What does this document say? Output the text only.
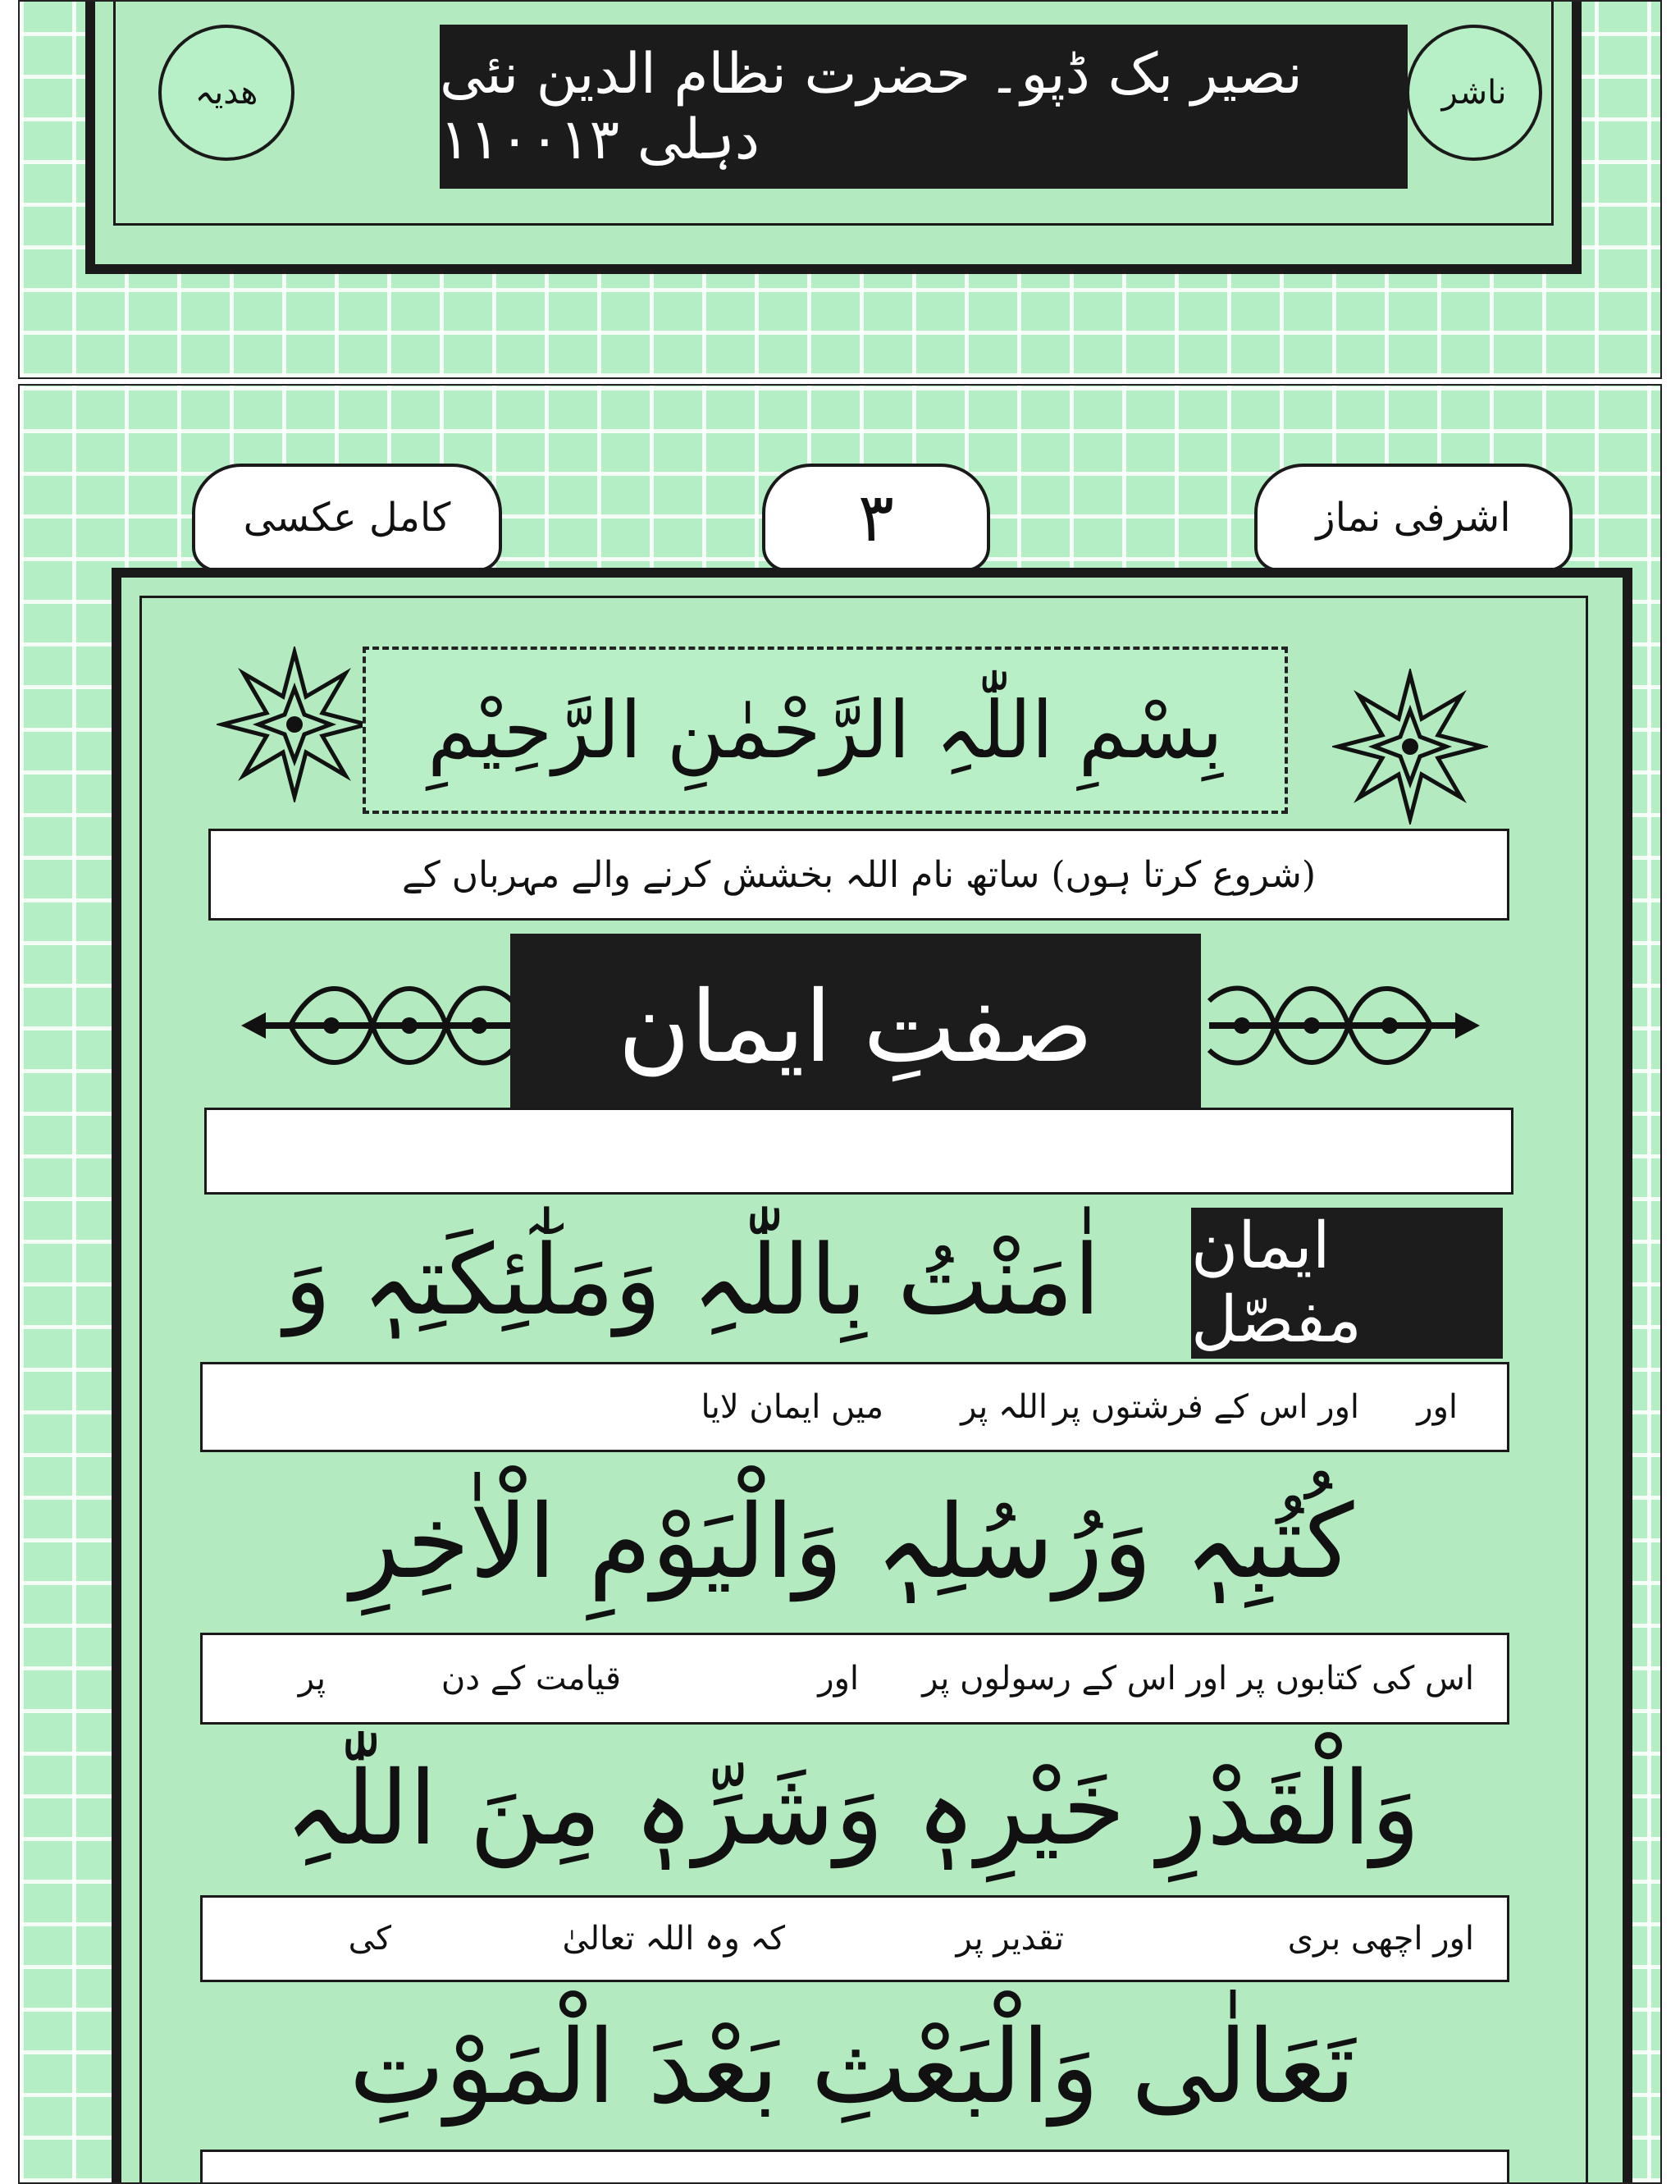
ناشر
ھدیہ	نصیر بک ڈپو۔ حضرت نظام الدین نئی دہلی ۱۱۰۰۱۳
کامل عکسی	۳	اشرفی نماز
بِسْمِ اللّٰہِ الرَّحْمٰنِ الرَّحِیْمِ
(شروع کرتا ہوں) ساتھ نام اللہ بخشش کرنے والے مہرباں کے
صفتِ ایمان
ایمان مفصّل
اٰمَنْتُ بِاللّٰہِ وَمَلٰٓئِکَتِہٖ وَ
میں ایمان لایا اللہ پر اور اس کے فرشتوں پر اور
کُتُبِہٖ وَرُسُلِہٖ وَالْیَوْمِ الْاٰخِرِ
اس کی کتابوں پر اور اس کے رسولوں پر
اور
قیامت کے دن
پر
وَالْقَدْرِ خَیْرِہٖ وَشَرِّہٖ مِنَ اللّٰہِ
اور اچھی بری
تقدیر پر
کہ وہ اللہ تعالیٰ
کی
تَعَالٰی وَالْبَعْثِ بَعْدَ الْمَوْتِ
